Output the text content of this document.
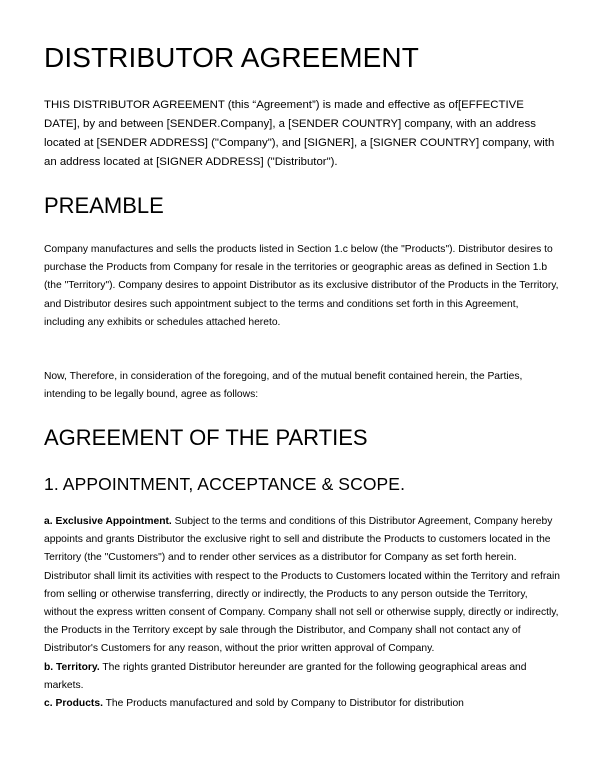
DISTRIBUTOR AGREEMENT

THIS DISTRIBUTOR AGREEMENT (this “Agreement”) is made and effective as of[EFFECTIVE DATE], by and between [SENDER.Company], a [SENDER COUNTRY] company, with an address located at [SENDER ADDRESS] ("Company"), and [SIGNER], a [SIGNER COUNTRY] company, with an address located at [SIGNER ADDRESS] ("Distributor").

PREAMBLE

Company manufactures and sells the products listed in Section 1.c below (the "Products"). Distributor desires to purchase the Products from Company for resale in the territories or geographic areas as defined in Section 1.b (the "Territory"). Company desires to appoint Distributor as its exclusive distributor of the Products in the Territory, and Distributor desires such appointment subject to the terms and conditions set forth in this Agreement, including any exhibits or schedules attached hereto.

Now, Therefore, in consideration of the foregoing, and of the mutual benefit contained herein, the Parties, intending to be legally bound, agree as follows:

AGREEMENT OF THE PARTIES
1. APPOINTMENT, ACCEPTANCE & SCOPE.

a. Exclusive Appointment. Subject to the terms and conditions of this Distributor Agreement, Company hereby appoints and grants Distributor the exclusive right to sell and distribute the Products to customers located in the Territory (the "Customers") and to render other services as a distributor for Company as set forth herein. Distributor shall limit its activities with respect to the Products to Customers located within the Territory and refrain from selling or otherwise transferring, directly or indirectly, the Products to any person outside the Territory, without the express written consent of Company. Company shall not sell or otherwise supply, directly or indirectly, the Products in the Territory except by sale through the Distributor, and Company shall not contact any of Distributor's Customers for any reason, without the prior written approval of Company.

b. Territory. The rights granted Distributor hereunder are granted for the following geographical areas and markets.

c. Products. The Products manufactured and sold by Company to Distributor for distribution
